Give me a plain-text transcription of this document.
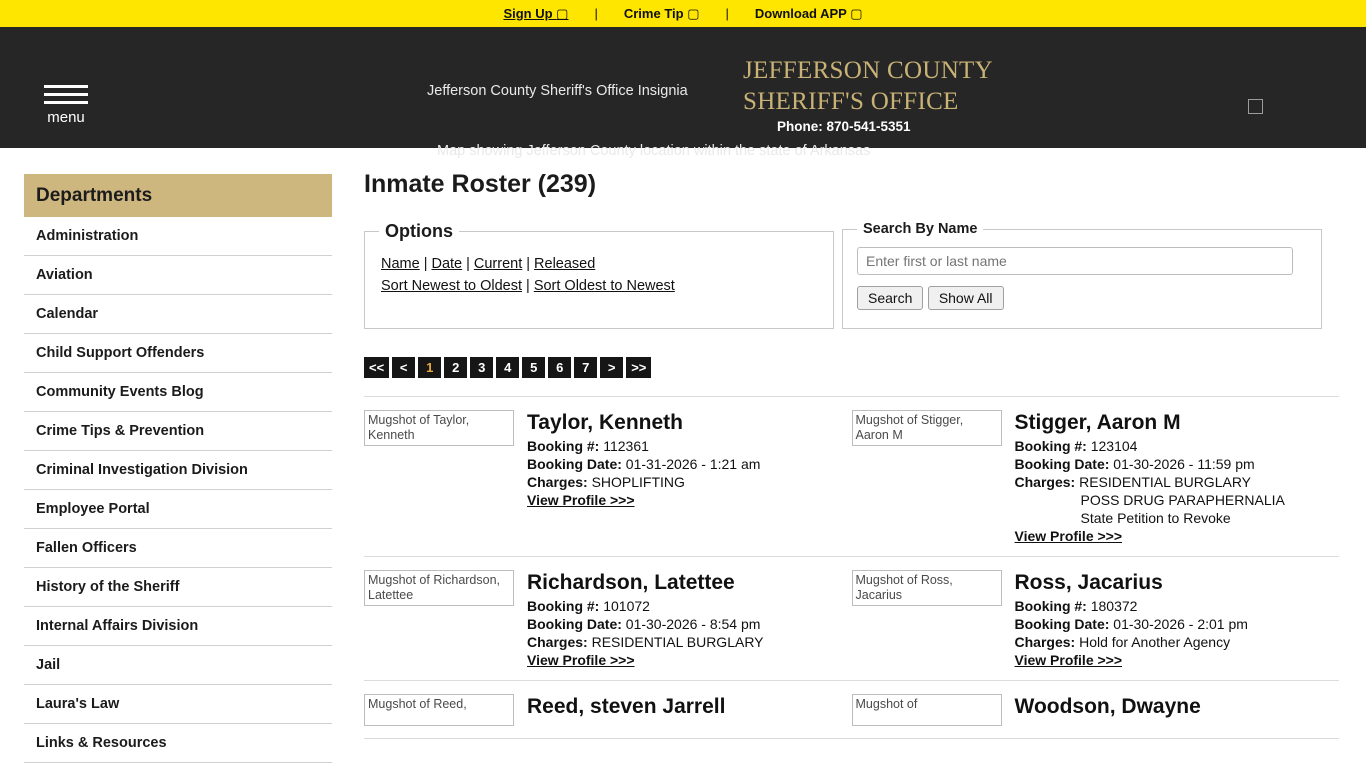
Sign Up ▢	|	Crime Tip ▢	|	Download APP ▢
menu
Jefferson County Sheriff's Office Insignia
JEFFERSON COUNTY
SHERIFF'S OFFICE
Phone: 870-541-5351
Map showing Jefferson County location within the state of Arkansas
ARKANSAS
Departments
Administration
Aviation
Calendar
Child Support Offenders
Community Events Blog
Crime Tips & Prevention
Criminal Investigation Division
Employee Portal
Fallen Officers
History of the Sheriff
Internal Affairs Division
Jail
Laura's Law
Links & Resources
Inmate Roster (239)
Options
Name | Date | Current | Released
Sort Newest to Oldest | Sort Oldest to Newest
Search By Name
Enter first or last name Search Show All
<<	<	1	2	3	4	5	6	7	>	>>
Mugshot of Taylor, Kenneth
Taylor, Kenneth
Booking #: 112361
Booking Date: 01-31-2026 - 1:21 am
Charges: SHOPLIFTING
View Profile >>>
Mugshot of Stigger, Aaron M
Stigger, Aaron M
Booking #: 123104
Booking Date: 01-30-2026 - 11:59 pm
Charges: RESIDENTIAL BURGLARY
POSS DRUG PARAPHERNALIA
State Petition to Revoke
View Profile >>>
Mugshot of Richardson, Latettee
Richardson, Latettee
Booking #: 101072
Booking Date: 01-30-2026 - 8:54 pm
Charges: RESIDENTIAL BURGLARY
View Profile >>>
Mugshot of Ross, Jacarius
Ross, Jacarius
Booking #: 180372
Booking Date: 01-30-2026 - 2:01 pm
Charges: Hold for Another Agency
View Profile >>>
Mugshot of Reed,	Reed, steven Jarrell	Mugshot of	Woodson, Dwayne
